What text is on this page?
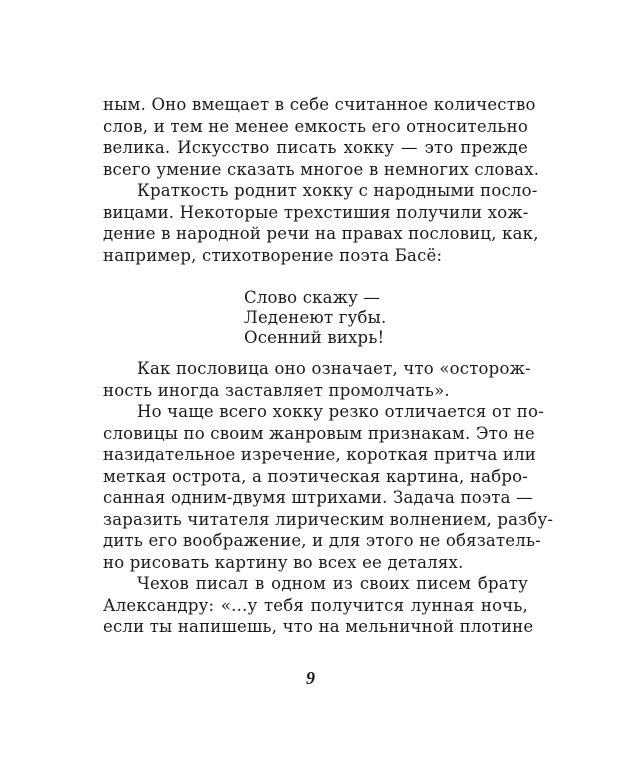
ным. Оно вмещает в себе считанное количество
слов, и тем не менее емкость его относительно
велика. Искусство писать хокку — это прежде
всего умение сказать многое в немногих словах.
Краткость роднит хокку с народными посло-
вицами. Некоторые трехстишия получили хож-
дение в народной речи на правах пословиц, как,
например, стихотворение поэта Басё:
Слово скажу —
Леденеют губы.
Осенний вихрь!
Как пословица оно означает, что «осторож-
ность иногда заставляет промолчать».
Но чаще всего хокку резко отличается от по-
словицы по своим жанровым признакам. Это не
назидательное изречение, короткая притча или
меткая острота, а поэтическая картина, набро-
санная одним-двумя штрихами. Задача поэта —
заразить читателя лирическим волнением, разбу-
дить его воображение, и для этого не обязатель-
но рисовать картину во всех ее деталях.
Чехов писал в одном из своих писем брату
Александру: «...у тебя получится лунная ночь,
если ты напишешь, что на мельничной плотине
9
